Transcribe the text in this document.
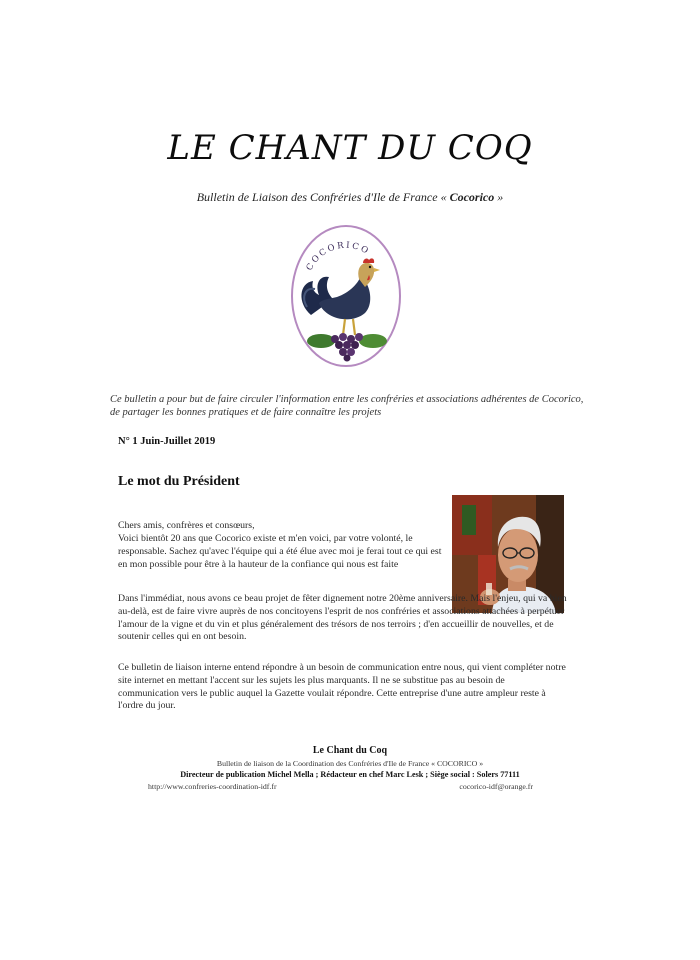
LE CHANT DU COQ
Bulletin de Liaison des Confréries d'Ile de France « Cocorico »
COCORICO
Ce bulletin a pour but de faire circuler l'information entre les confréries et associations adhérentes de Cocorico, de partager les bonnes pratiques et de faire connaître les projets
N° 1 Juin-Juillet 2019
Le mot du Président

Chers amis, confrères et consœurs,

Voici bientôt 20 ans que Cocorico existe et m'en voici, par votre volonté, le responsable. Sachez qu'avec l'équipe qui a été élue avec moi je ferai tout ce qui est en mon possible pour être à la hauteur de la confiance qui nous est faite

Dans l'immédiat, nous avons ce beau projet de fêter dignement notre 20ème anniversaire. Mais l'enjeu, qui va bien au-delà, est de faire vivre auprès de nos concitoyens l'esprit de nos confréries et associations attachées à perpétuer l'amour de la vigne et du vin et plus généralement des trésors de nos terroirs ; d'en accueillir de nouvelles, et de soutenir celles qui en ont besoin.

Ce bulletin de liaison interne entend répondre à un besoin de communication entre nous, qui vient compléter notre site internet en mettant l'accent sur les sujets les plus marquants. Il ne se substitue pas au besoin de communication vers le public auquel la Gazette voulait répondre. Cette entreprise d'une autre ampleur reste à l'ordre du jour.

Le Chant du Coq
Bulletin de liaison de la Coordination des Confréries d'Ile de France « COCORICO »
Directeur de publication Michel Mella ; Rédacteur en chef Marc Lesk ; Siège social : Solers 77111
http://www.confreries-coordination-idf.fr	cocorico-idf@orange.fr
